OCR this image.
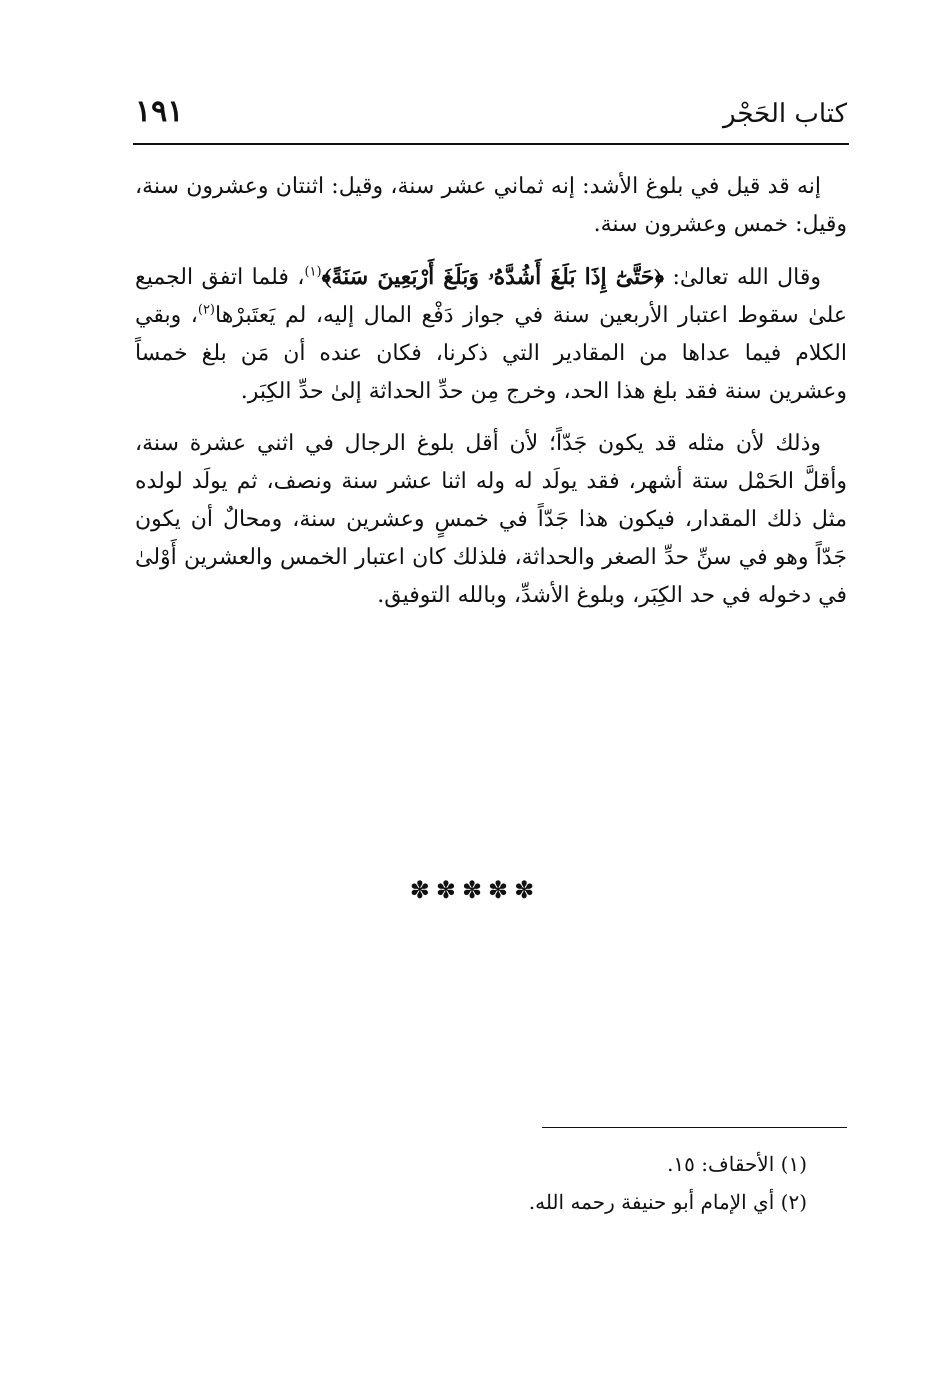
كتاب الحَجْر
١٩١

إنه قد قيل في بلوغ الأشد: إنه ثماني عشر سنة، وقيل: اثنتان وعشرون سنة، وقيل: خمس وعشرون سنة.

وقال الله تعالىٰ: ﴿حَتَّىٰٓ إِذَا بَلَغَ أَشُدَّهُۥ وَبَلَغَ أَرْبَعِينَ سَنَةً﴾$^{(١)}$، فلما اتفق الجميع علىٰ سقوط اعتبار الأربعين سنة في جواز دَفْع المال إليه، لم يَعتَبرْها$^{(٢)}$، وبقي الكلام فيما عداها من المقادير التي ذكرنا، فكان عنده أن مَن بلغ خمساً وعشرين سنة فقد بلغ هذا الحد، وخرج مِن حدِّ الحداثة إلىٰ حدِّ الكِبَر.

وذلك لأن مثله قد يكون جَدّاً؛ لأن أقل بلوغ الرجال في اثني عشرة سنة، وأقلَّ الحَمْل ستة أشهر، فقد يولَد له وله اثنا عشر سنة ونصف، ثم يولَد لولده مثل ذلك المقدار، فيكون هذا جَدّاً في خمسٍ وعشرين سنة، ومحالٌ أن يكون جَدّاً وهو في سنِّ حدِّ الصغر والحداثة، فلذلك كان اعتبار الخمس والعشرين أَوْلىٰ في دخوله في حد الكِبَر، وبلوغ الأشدِّ، وبالله التوفيق.

✽✽✽✽✽

(١) الأحقاف: ١٥.

(٢) أي الإمام أبو حنيفة رحمه الله.
